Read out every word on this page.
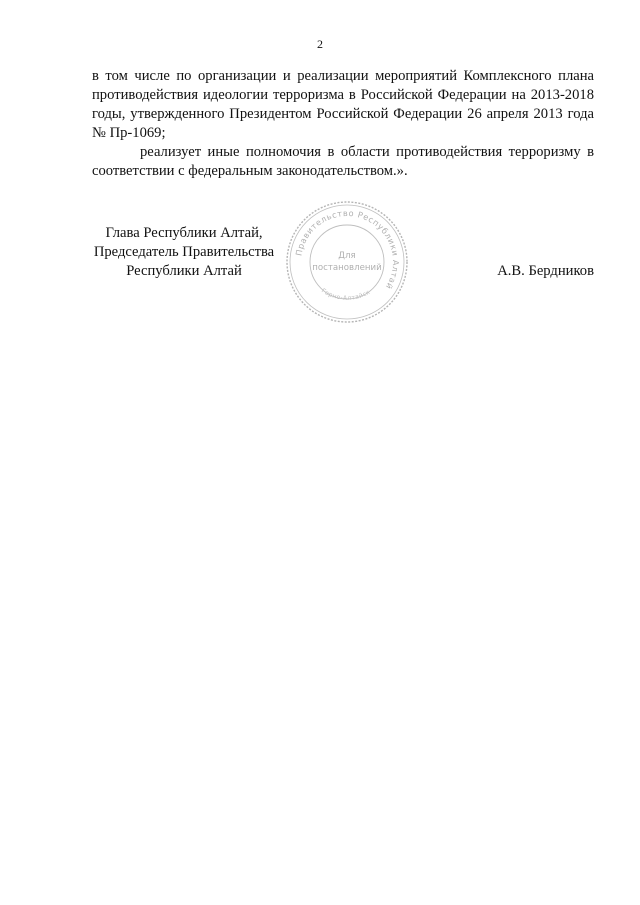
2

в том числе по организации и реализации мероприятий Комплексного плана противодействия идеологии терроризма в Российской Федерации на 2013-2018 годы, утвержденного Президентом Российской Федерации 26 апреля 2013 года № Пр-1069;

реализует иные полномочия в области противодействия терроризму в соответствии с федеральным законодательством.».

Глава Республики Алтай,
Председатель Правительства
Республики Алтай
Правительство Республики Алтай
Горно-Алтайск
Для
постановлений	А.В. Бердников
